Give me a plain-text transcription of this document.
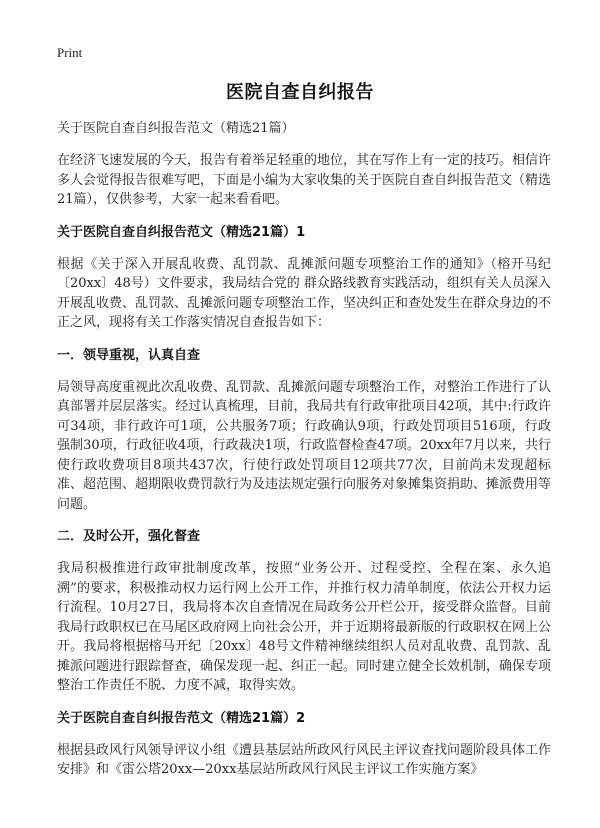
Print
医院自查自纠报告

关于医院自查自纠报告范文（精选21篇）

在经济飞速发展的今天，报告有着举足轻重的地位，其在写作上有一定的技巧。相信许多人会觉得报告很难写吧，下面是小编为大家收集的关于医院自查自纠报告范文（精选21篇），仅供参考，大家一起来看看吧。

关于医院自查自纠报告范文（精选21篇）1

根据《关于深入开展乱收费、乱罚款、乱摊派问题专项整治工作的通知》（榕开马纪〔20xx〕48号）文件要求，我局结合党的 群众路线教育实践活动，组织有关人员深入开展乱收费、乱罚款、乱摊派问题专项整治工作，坚决纠正和查处发生在群众身边的不正之风，现将有关工作落实情况自查报告如下：

一．领导重视，认真自查

局领导高度重视此次乱收费、乱罚款、乱摊派问题专项整治工作，对整治工作进行了认真部署并层层落实。经过认真梳理，目前，我局共有行政审批项目42项，其中:行政许可34项，非行政许可1项，公共服务7项；行政确认9项，行政处罚项目516项，行政强制30项，行政征收4项，行政裁决1项，行政监督检查47项。20xx年7月以来，共行使行政收费项目8项共437次，行使行政处罚项目12项共77次，目前尚未发现超标准、超范围、超期限收费罚款行为及违法规定强行向服务对象摊集资捐助、摊派费用等问题。

二．及时公开，强化督查

我局积极推进行政审批制度改革，按照“业务公开、过程受控、全程在案、永久追溯”的要求，积极推动权力运行网上公开工作，并推行权力清单制度，依法公开权力运行流程。10月27日，我局将本次自查情况在局政务公开栏公开，接受群众监督。目前我局行政职权已在马尾区政府网上向社会公开，并于近期将最新版的行政职权在网上公开。我局将根据榕马开纪〔20xx〕48号文件精神继续组织人员对乱收费、乱罚款、乱摊派问题进行跟踪督查，确保发现一起、纠正一起。同时建立健全长效机制，确保专项整治工作责任不脱、力度不减，取得实效。

关于医院自查自纠报告范文（精选21篇）2

根据县政风行风领导评议小组《遭县基层站所政风行风民主评议查找问题阶段具体工作安排》和《雷公塔20xx—20xx基层站所政风行风民主评议工作实施方案》
